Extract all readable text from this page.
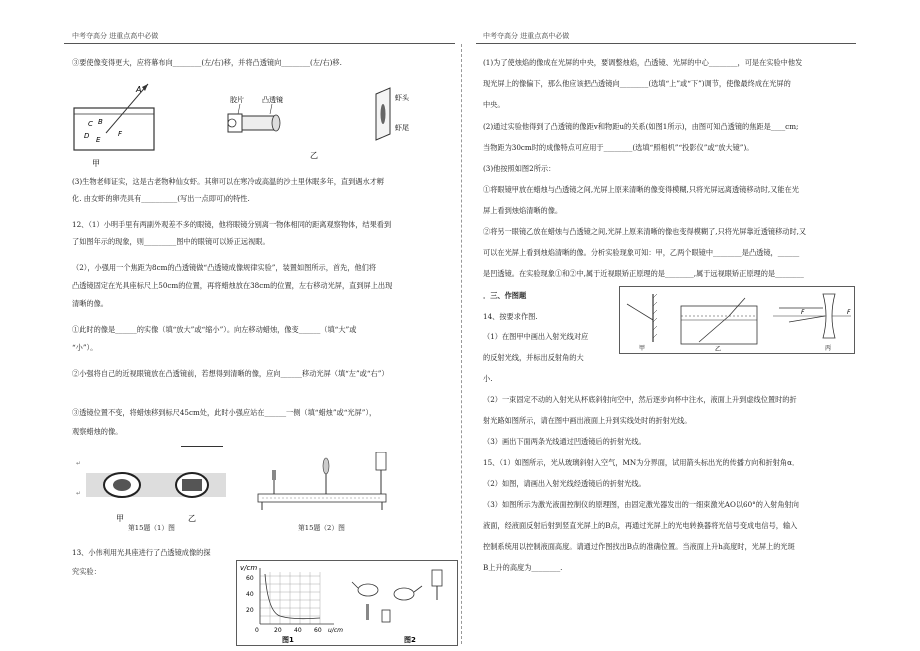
中考夺高分 进重点高中必做	中考夺高分 进重点高中必做
③要使像变得更大，应将幕布向________(左/右)移，并将凸透镜向________(左/右)移.
A
C B
D E
F
甲
胶片	凸透镜
乙
虾头
虾尾
(3)生物老师证实，这是古老物种仙女虾。其卵可以在寒冷或高温的沙土里休眠多年，直到遇水才孵
化. 由女虾的卵壳具有__________(写出一点即可)的特性.
12、（1）小明手里有两副外观差不多的眼镜，他将眼镜分别离一物体相同的距离观察物体，结果看到
了如图年示的现象，则_________图中的眼镜可以矫正远视眼。
（2），小强用一个焦距为8cm的凸透镜做“凸透镜成像规律实验”，装置如图所示，首先，他们将
凸透镜固定在光具座标尺上50cm的位置，再将蜡烛放在38cm的位置，左右移动光屏，直到屏上出现
清晰的像。
①此时的像是______的实像（填“放大”或“缩小”）。向左移动蜡烛，像变______（填“大”或
“小”）。
②小强将自己的近视眼镜放在凸透镜前，若想得到清晰的像，应向______移动光屏（填“左”或“右”）
③透镜位置不变，将蜡烛移到标尺45cm处，此时小强应站在______一侧（填“蜡烛”或“光屏”），
观察蜡烛的像。
↵
↵
甲	乙
第15题（1）图	第15题（2）图
13、小伟利用光具座进行了凸透镜成像的探
究实验：	v/cm
60
40
20
0	20 40 60 u/cm
图1	图2
(1)为了使烛焰的像成在光屏的中央，要调整烛焰，凸透镜、光屏的中心________，可是在实验中他发
现光屏上的像偏下，那么他应该把凸透镜向________(选填“上”或“下”)调节，使像最终成在光屏的
中央。
(2)通过实验他得到了凸透镜的像距v和物距u的关系(如图1所示)，由图可知凸透镜的焦距是____cm;
当物距为30cm时的成像特点可应用于________(选填“照相机”“投影仪”或“放大镜”)。
(3)他按照如图2所示：
①将眼镜甲放在蜡烛与凸透镜之间,光屏上原来清晰的像变得模糊,只将光屏远离透镜移动时,又能在光
屏上看到烛焰清晰的像。
②将另一眼镜乙放在蜡烛与凸透镜之间,光屏上原来清晰的像也变得模糊了,只将光屏靠近透镜移动时,又
可以在光屏上看到烛焰清晰的像。分析实验现象可知：甲，乙两个眼镜中________是凸透镜，______
是凹透镜。在实验现象①和②中,属于近视眼矫正原理的是________,属于远视眼矫正原理的是________
．三、作图题
14、按要求作图.
（1）在图甲中画出入射光线对应
的反射光线，并标出反射角的大
小.
甲	乙
F	F
丙
（2）一束固定不动的入射光从杯底斜射向空中，然后逐步向杯中注水，液面上升到虚线位置时的折
射光路如图所示，请在图中画出液面上升到实线处时的折射光线。
（3）画出下面两条光线通过凹透镜后的折射光线。
15、（1）如图所示，光从玻璃斜射入空气，MN为分界面，试用箭头标出光的传播方向和折射角α．
（2）如图，请画出入射光线经透镜后的折射光线。
（3）如图所示为激光液面控制仪的原理图，由固定激光器发出的一细束激光AO以60°的入射角射向
液面，经液面反射后射到竖直光屏上的B点，再通过光屏上的光电转换器将光信号变成电信号，输入
控制系统用以控制液面高度。请通过作图找出B点的准确位置。当液面上升h高度时，光屏上的光斑
B上升的高度为________.
